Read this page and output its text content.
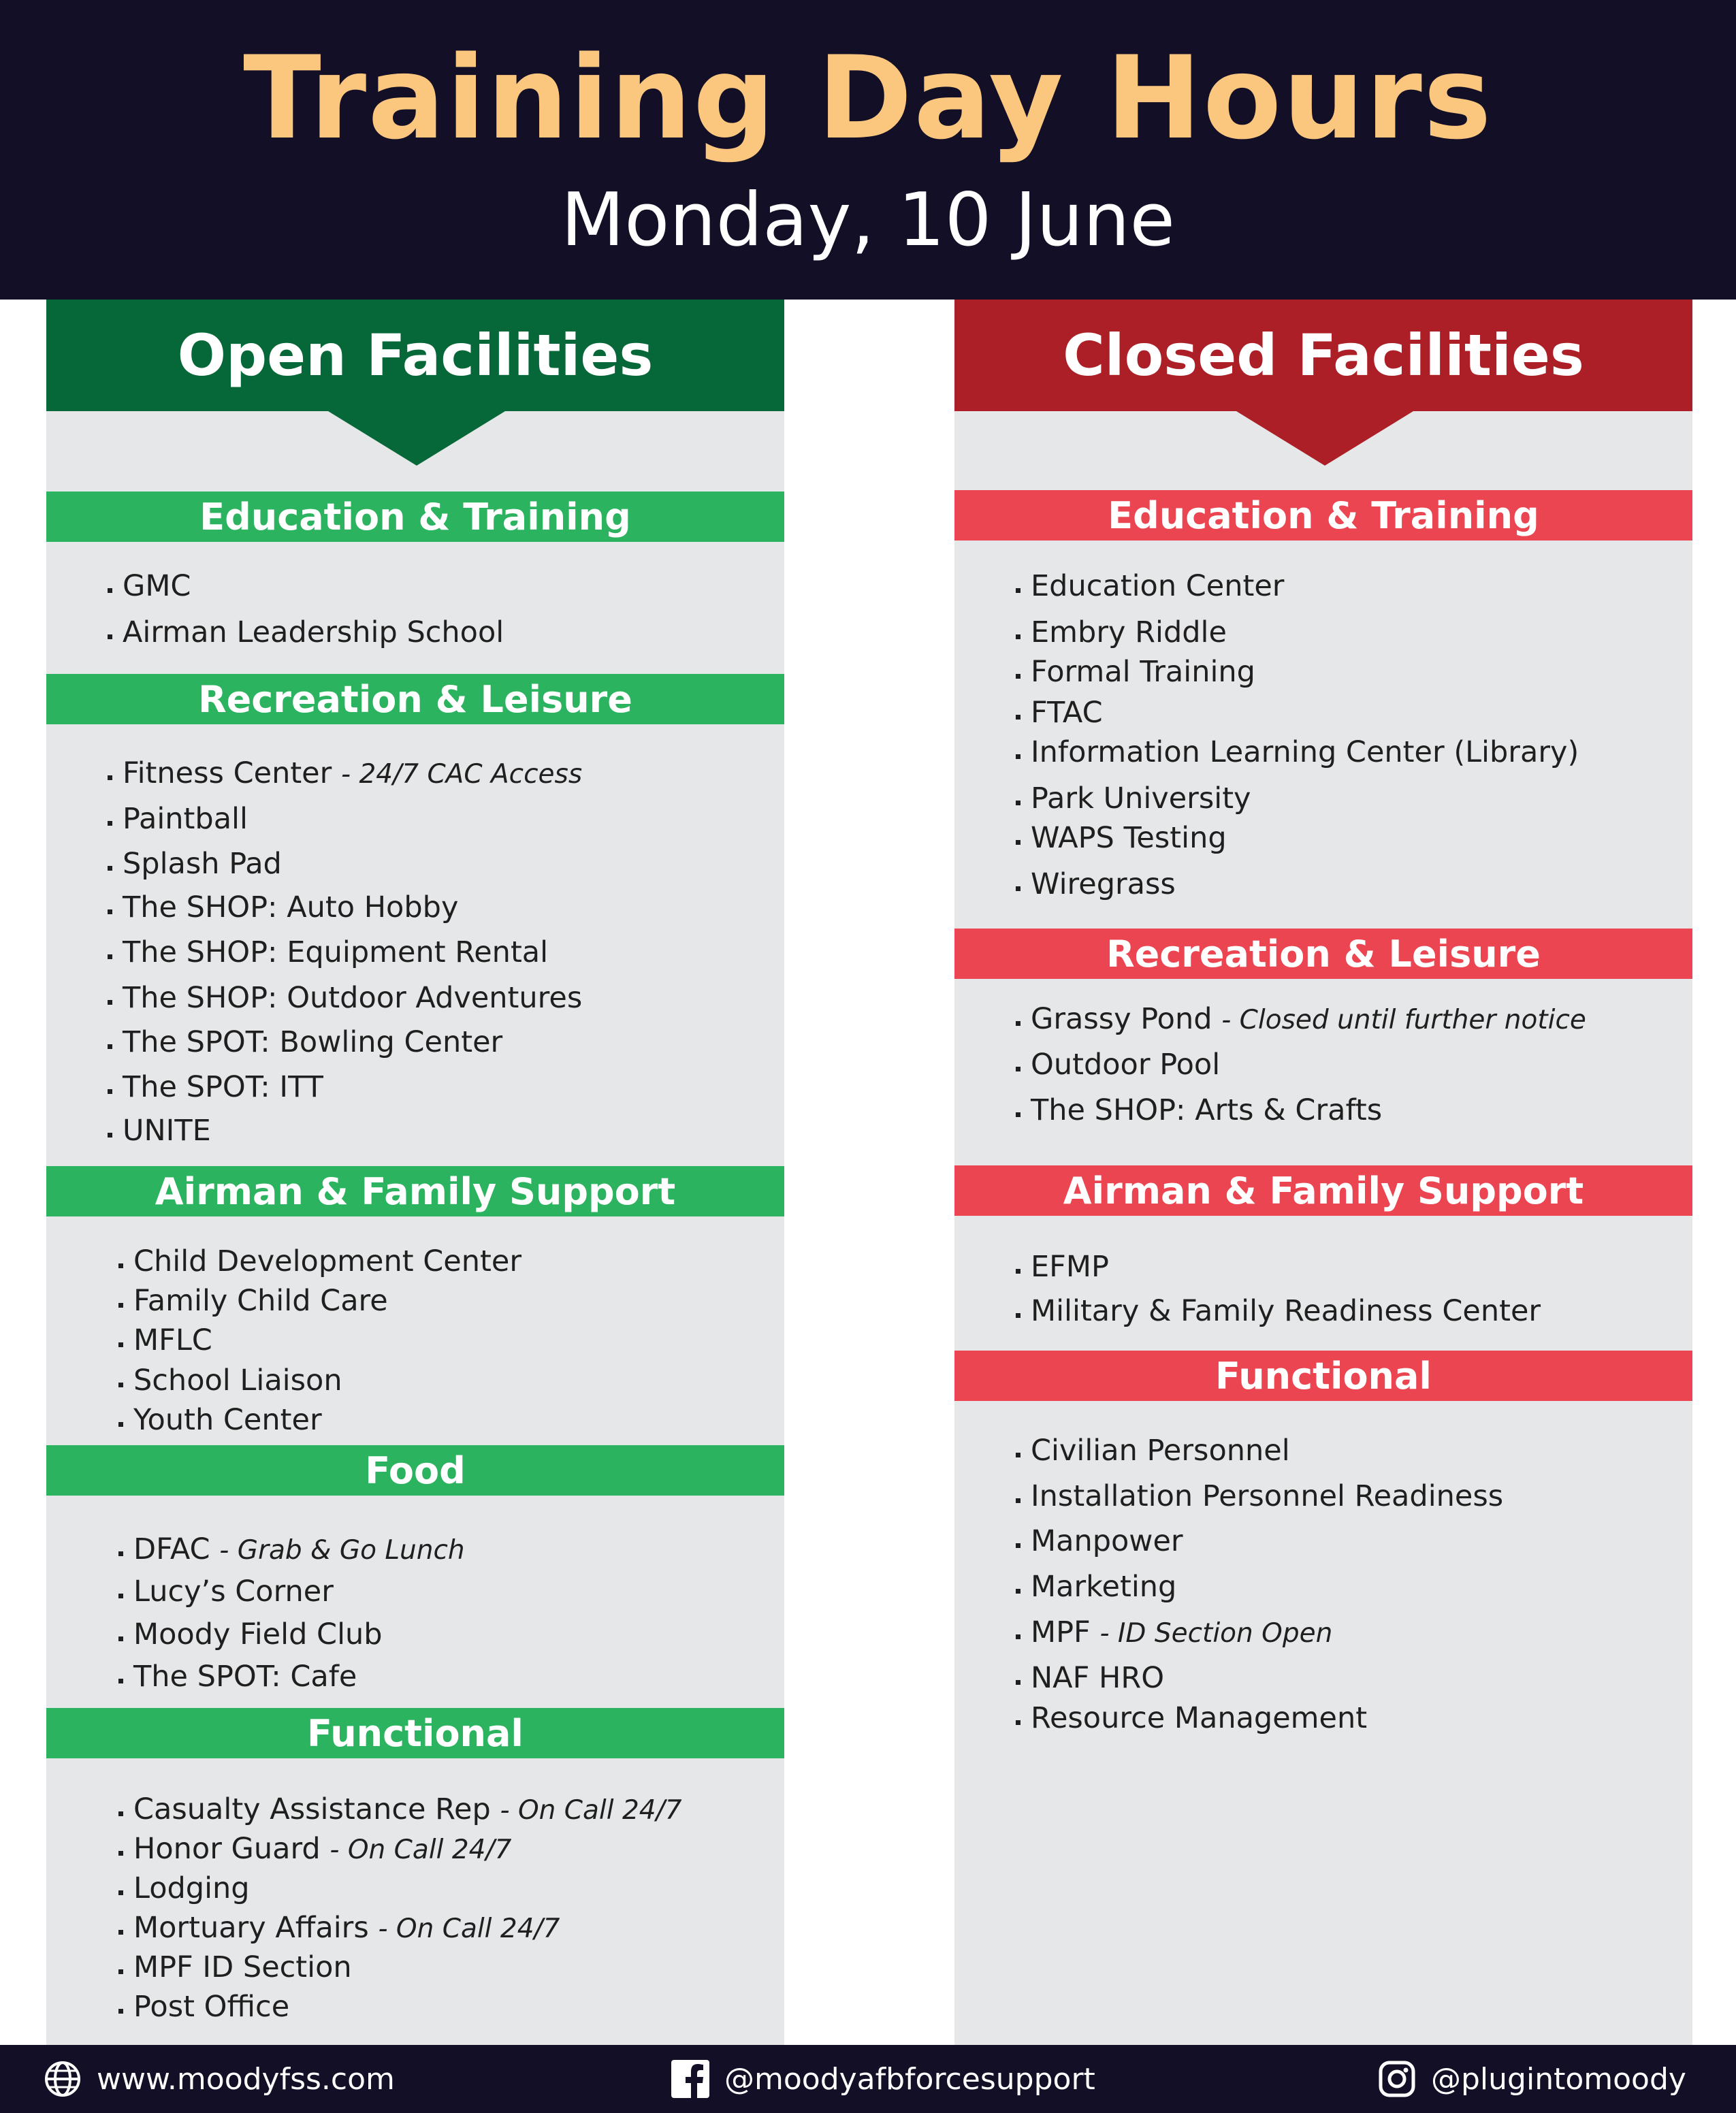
Training Day Hours
Monday, 10 June
Open Facilities
Education & Training
GMC
Airman Leadership School
Recreation & Leisure
Fitness Center - 24/7 CAC Access
Paintball
Splash Pad
The SHOP: Auto Hobby
The SHOP: Equipment Rental
The SHOP: Outdoor Adventures
The SPOT: Bowling Center
The SPOT: ITT
UNITE
Airman & Family Support
Child Development Center
Family Child Care
MFLC
School Liaison
Youth Center
Food
DFAC - Grab & Go Lunch
Lucy’s Corner
Moody Field Club
The SPOT: Cafe
Functional
Casualty Assistance Rep - On Call 24/7
Honor Guard - On Call 24/7
Lodging
Mortuary Affairs - On Call 24/7
MPF ID Section
Post Office
Closed Facilities
Education & Training
Education Center
Embry Riddle
Formal Training
FTAC
Information Learning Center (Library)
Park University
WAPS Testing
Wiregrass
Recreation & Leisure
Grassy Pond - Closed until further notice
Outdoor Pool
The SHOP: Arts & Crafts
Airman & Family Support
EFMP
Military & Family Readiness Center
Functional
Civilian Personnel
Installation Personnel Readiness
Manpower
Marketing
MPF - ID Section Open
NAF HRO
Resource Management
www.moodyfss.com	@moodyafbforcesupport	@plugintomoody
